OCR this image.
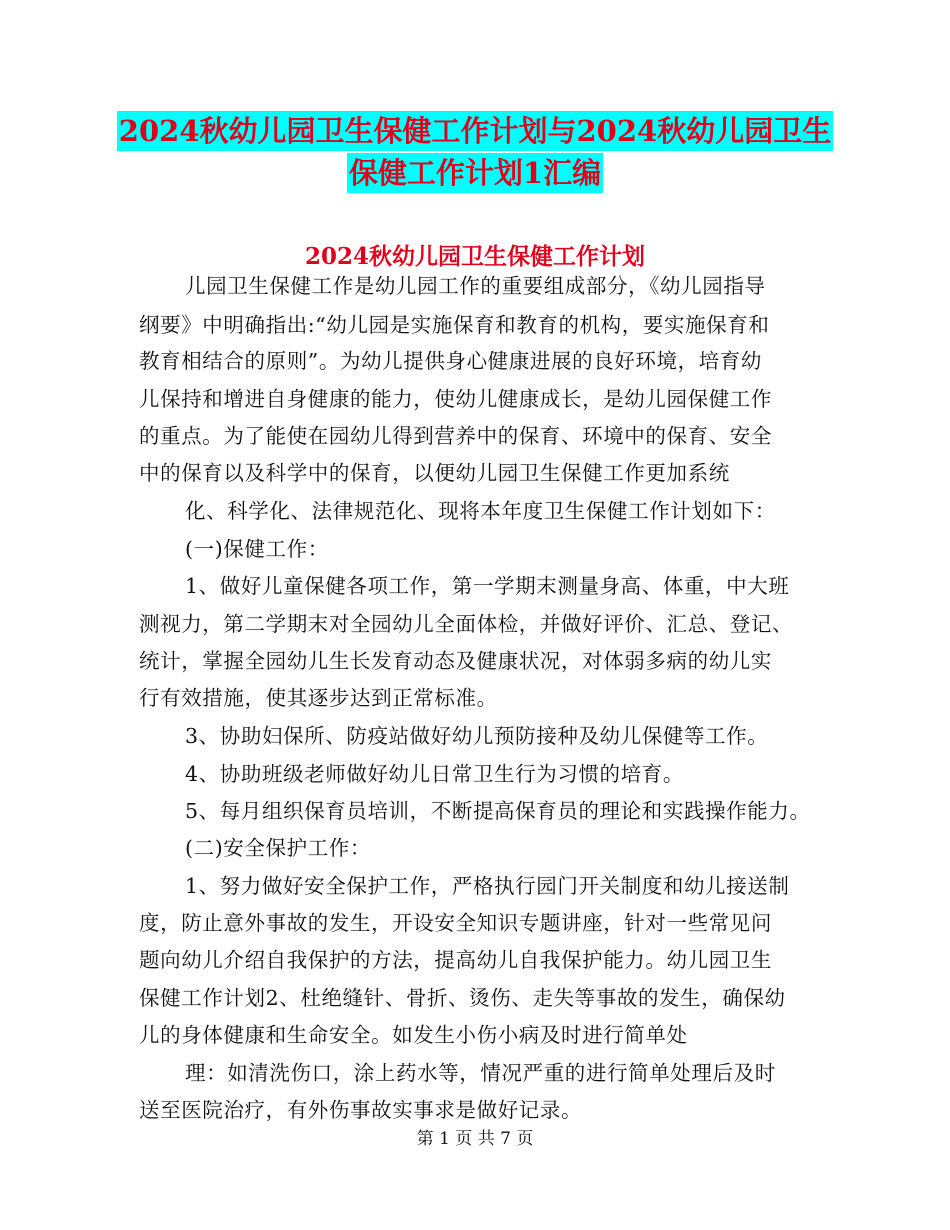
2024秋幼儿园卫生保健工作计划与2024秋幼儿园卫生
保健工作计划1汇编
2024秋幼儿园卫生保健工作计划
儿园卫生保健工作是幼儿园工作的重要组成部分，《幼儿园指导
纲要》中明确指出:“幼儿园是实施保育和教育的机构，要实施保育和
教育相结合的原则”。为幼儿提供身心健康进展的良好环境，培育幼
儿保持和增进自身健康的能力，使幼儿健康成长，是幼儿园保健工作
的重点。为了能使在园幼儿得到营养中的保育、环境中的保育、安全
中的保育以及科学中的保育，以便幼儿园卫生保健工作更加系统
化、科学化、法律规范化、现将本年度卫生保健工作计划如下：
(一)保健工作：
1、做好儿童保健各项工作，第一学期末测量身高、体重，中大班
测视力，第二学期末对全园幼儿全面体检，并做好评价、汇总、登记、
统计，掌握全园幼儿生长发育动态及健康状况，对体弱多病的幼儿实
行有效措施，使其逐步达到正常标准。
3、协助妇保所、防疫站做好幼儿预防接种及幼儿保健等工作。
4、协助班级老师做好幼儿日常卫生行为习惯的培育。
5、每月组织保育员培训，不断提高保育员的理论和实践操作能力。
(二)安全保护工作：
1、努力做好安全保护工作，严格执行园门开关制度和幼儿接送制
度，防止意外事故的发生，开设安全知识专题讲座，针对一些常见问
题向幼儿介绍自我保护的方法，提高幼儿自我保护能力。幼儿园卫生
保健工作计划2、杜绝缝针、骨折、烫伤、走失等事故的发生，确保幼
儿的身体健康和生命安全。如发生小伤小病及时进行简单处
理：如清洗伤口，涂上药水等，情况严重的进行简单处理后及时
送至医院治疗，有外伤事故实事求是做好记录。
第 1 页 共 7 页
